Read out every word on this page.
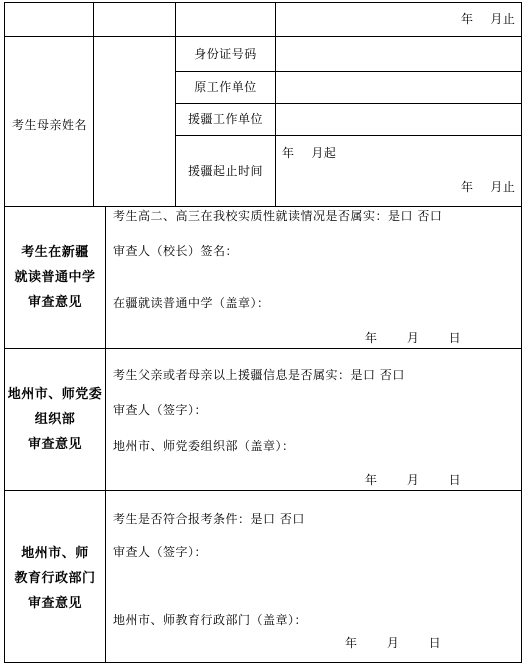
年　 月止
考生母亲姓名
身份证号码
原工作单位
援疆工作单位
援疆起止时间
年　 月起
年　 月止
考生在新疆
就读普通中学
审查意见
考生高二、高三在我校实质性就读情况是否属实：是口 否口
审查人（校长）签名：
在疆就读普通中学（盖章）：
年　　 月　　 日
地州市、师党委
组织部
审查意见
考生父亲或者母亲以上援疆信息是否属实：是口 否口
审查人（签字）：
地州市、师党委组织部（盖章）：
年　　 月　　 日
地州市、师
教育行政部门
审查意见
考生是否符合报考条件：是口 否口
审查人（签字）：
地州市、师教育行政部门（盖章）：
年　　 月　　 日
